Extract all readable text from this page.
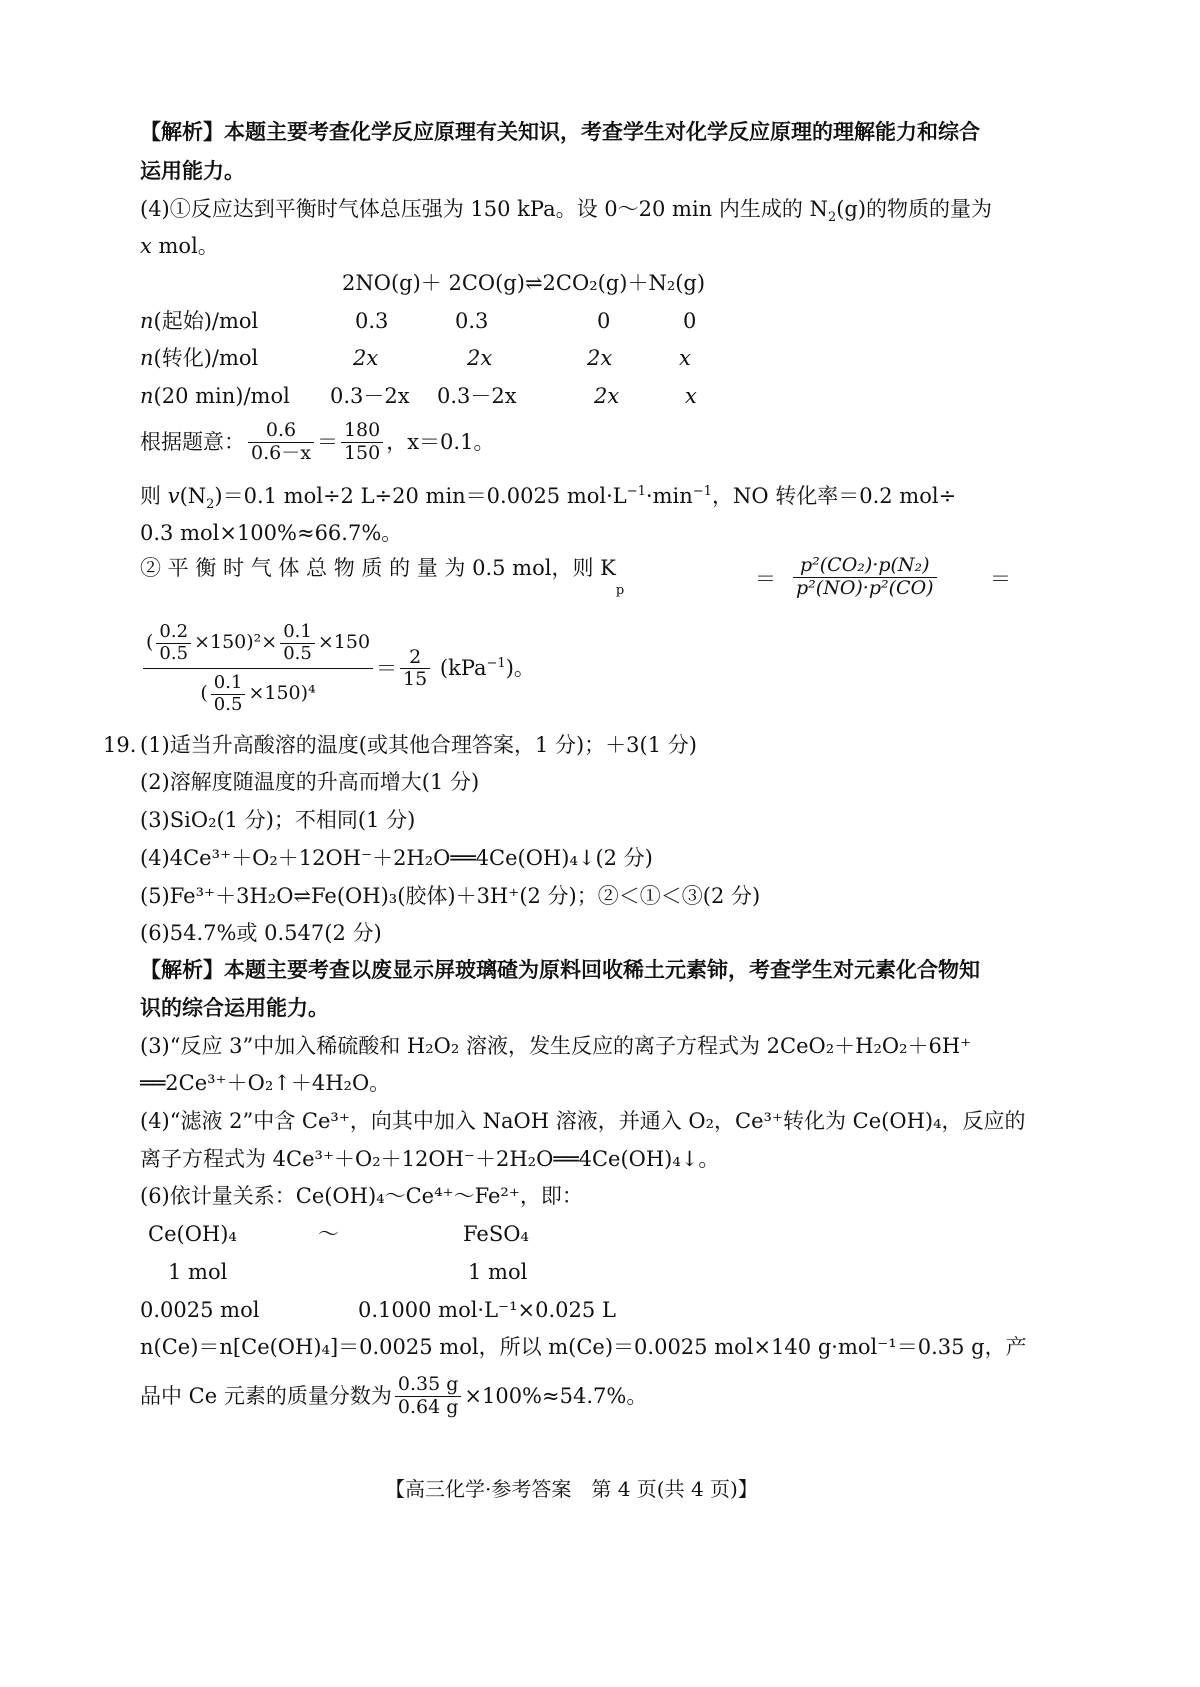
【解析】本题主要考查化学反应原理有关知识，考查学生对化学反应原理的理解能力和综合
运用能力。
(4)①反应达到平衡时气体总压强为 150 kPa。设 0～20 min 内生成的 $N_2(g)$的物质的量为
x mol。
2NO(g)＋ 2CO(g)⇌2CO₂(g)＋N₂(g)
n(起始)/mol	0.3	0.3	0	0
n(转化)/mol	2x	2x	2x	x
n(20 min)/mol 0.3－2x 0.3－2x	2x	x
根据题意： $\frac{0.6}{0.6-x} = \frac{180}{150}$ ，x＝0.1。
则 $v(N_2)=0.1$ mol÷2 L÷20 min＝0.0025 $mol\cdot L^{-1}\cdot\min^{-1}$，NO 转化率＝0.2 mol÷
0.3 mol×100%≈66.7%。
② 平 衡 时 气 体 总 物 质 的 量 为 0.5 mol，则 $K_p$	＝ $\frac{\text{p²(CO₂)·p(N₂)}}{\text{p²(NO)·p²(CO)}}$	＝
$\frac{( \frac{0.2}{0.5} \times 150)^2\times \frac{0.1}{0.5} \times 150}{( \frac{0.1}{0.5} \times 150)^4} = \frac{2}{15} (kPa^{-1})$。
19. (1)适当升高酸溶的温度(或其他合理答案，1 分)；＋3(1 分)
(2)溶解度随温度的升高而增大(1 分)
(3)SiO₂(1 分)；不相同(1 分)
(4)4Ce³⁺＋O₂＋12OH⁻＋2H₂O══4Ce(OH)₄↓(2 分)
(5)Fe³⁺＋3H₂O⇌Fe(OH)₃(胶体)＋3H⁺(2 分)；②＜①＜③(2 分)
(6)54.7%或 0.547(2 分)
【解析】本题主要考查以废显示屏玻璃碴为原料回收稀土元素铈，考查学生对元素化合物知
识的综合运用能力。
(3)“反应 3”中加入稀硫酸和 H₂O₂ 溶液，发生反应的离子方程式为 2CeO₂＋H₂O₂＋6H⁺
══2Ce³⁺＋O₂↑＋4H₂O。
(4)“滤液 2”中含 Ce³⁺，向其中加入 NaOH 溶液，并通入 O₂，Ce³⁺转化为 Ce(OH)₄，反应的
离子方程式为 4Ce³⁺＋O₂＋12OH⁻＋2H₂O══4Ce(OH)₄↓。
(6)依计量关系：Ce(OH)₄～Ce⁴⁺～Fe²⁺，即：
Ce(OH)₄	～	FeSO₄
1 mol	1 mol
0.0025 mol	0.1000 mol·L⁻¹×0.025 L
n(Ce)＝n[Ce(OH)₄]＝0.0025 mol，所以 m(Ce)＝0.0025 mol×140 g·mol⁻¹＝0.35 g，产
品中 Ce 元素的质量分数为 $\frac{0.35 g}{0.64 g} \times 100\%\approx 54.7\%$。
【高三化学·参考答案　第 4 页(共 4 页)】
